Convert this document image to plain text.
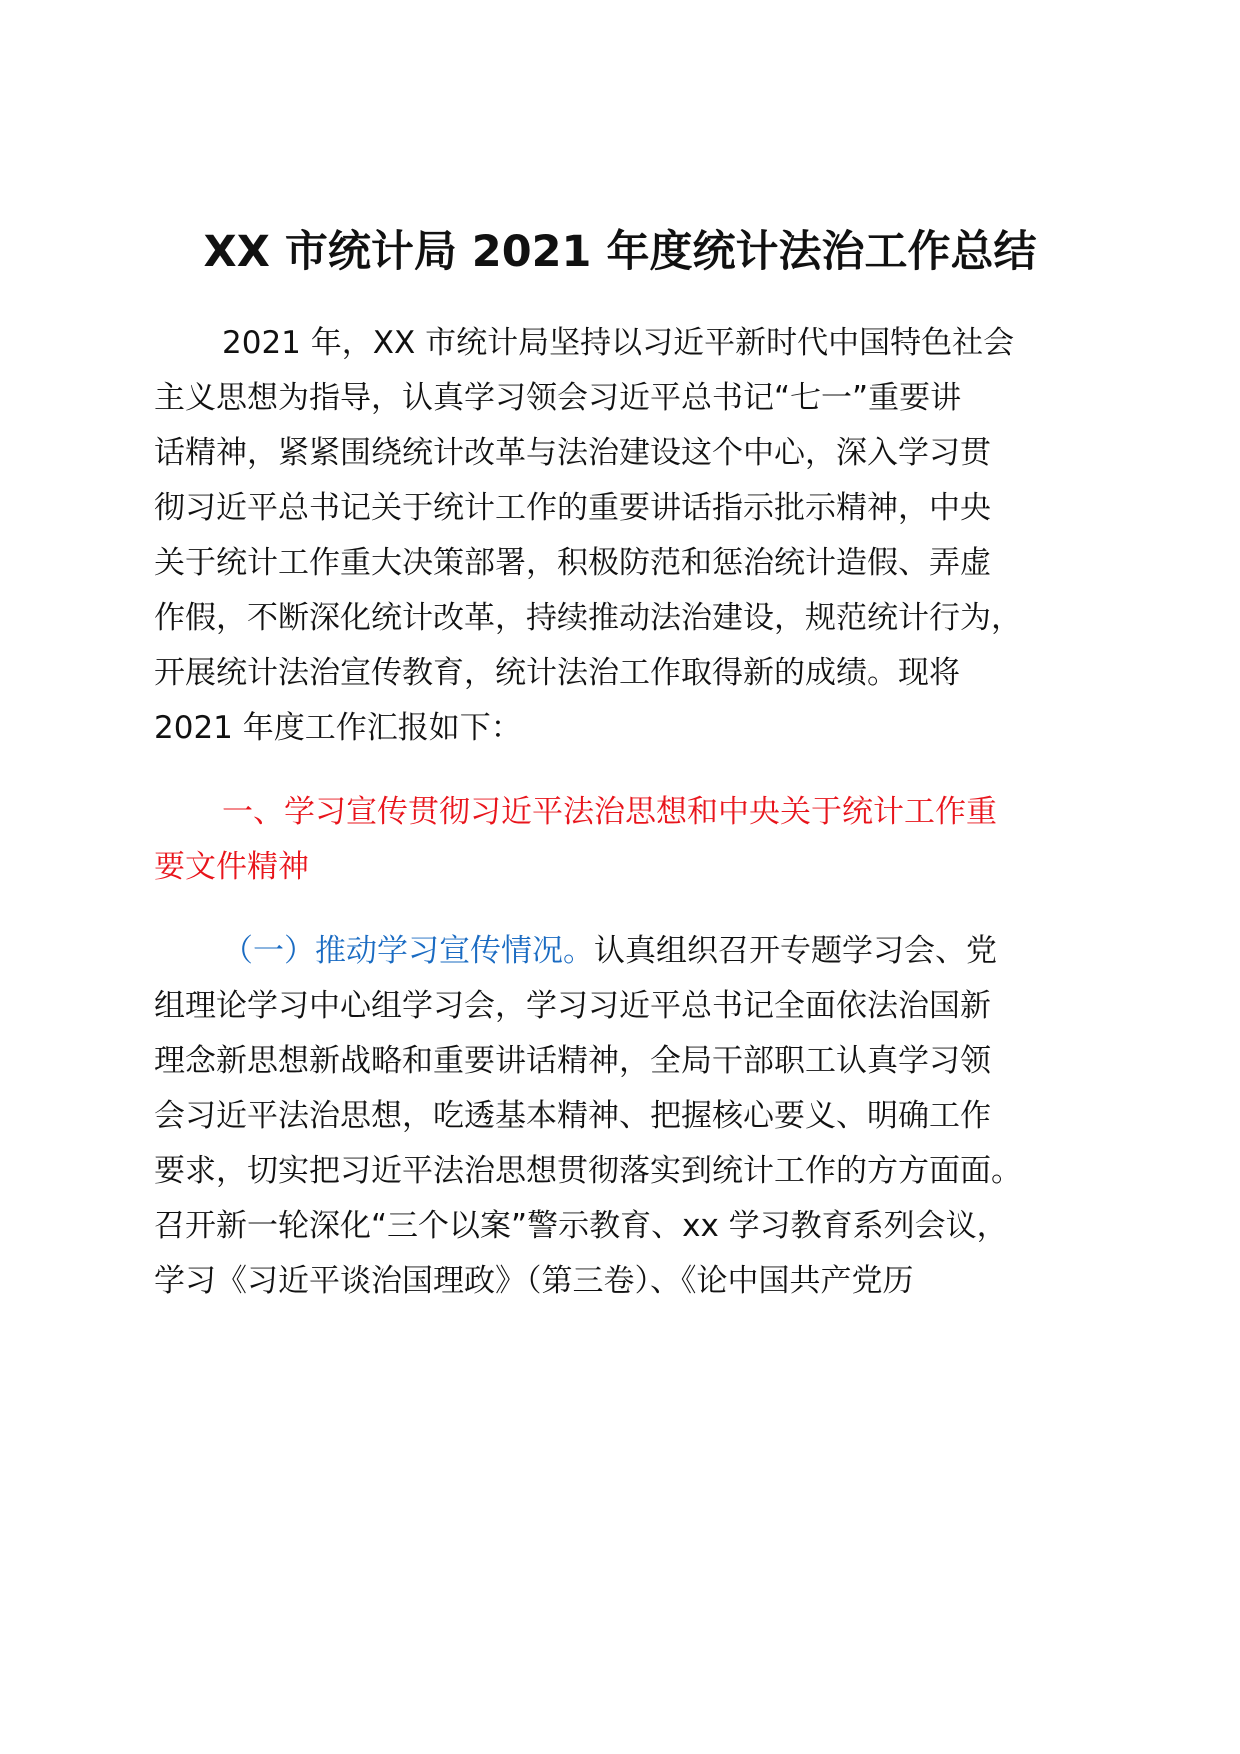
XX 市统计局 2021 年度统计法治工作总结
2021 年，XX 市统计局坚持以习近平新时代中国特色社会
主义思想为指导，认真学习领会习近平总书记“七一”重要讲
话精神，紧紧围绕统计改革与法治建设这个中心，深入学习贯
彻习近平总书记关于统计工作的重要讲话指示批示精神，中央
关于统计工作重大决策部署，积极防范和惩治统计造假、弄虚
作假，不断深化统计改革，持续推动法治建设，规范统计行为，
开展统计法治宣传教育，统计法治工作取得新的成绩。现将
2021 年度工作汇报如下：
一、学习宣传贯彻习近平法治思想和中央关于统计工作重
要文件精神
（一）推动学习宣传情况。认真组织召开专题学习会、党
组理论学习中心组学习会，学习习近平总书记全面依法治国新
理念新思想新战略和重要讲话精神，全局干部职工认真学习领
会习近平法治思想，吃透基本精神、把握核心要义、明确工作
要求，切实把习近平法治思想贯彻落实到统计工作的方方面面。
召开新一轮深化“三个以案”警示教育、xx 学习教育系列会议，
学习《习近平谈治国理政》（第三卷）、《论中国共产党历
